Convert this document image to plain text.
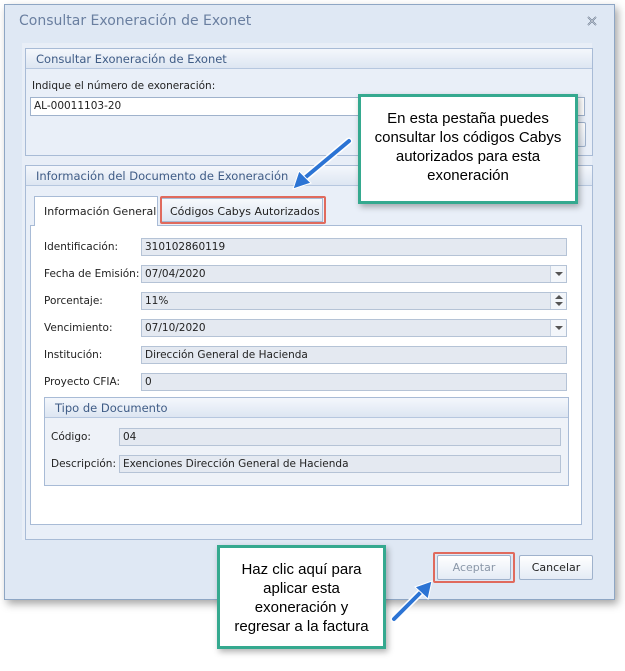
Consultar Exoneración de Exonet
Consultar Exoneración de Exonet
Indique el número de exoneración:
AL-00011103-20
Información del Documento de Exoneración
Información General	Códigos Cabys Autorizados
Identificación:	310102860119
Fecha de Emisión: 07/04/2020
Porcentaje:	11%
Vencimiento:	07/10/2020
Institución:	Dirección General de Hacienda
Proyecto CFIA:	0
Tipo de Documento
Código:	04
Descripción: Exenciones Dirección General de Hacienda
Aceptar	Cancelar
En esta pestaña puedes consultar los códigos Cabys autorizados para esta exoneración
Haz clic aquí para aplicar esta exoneración y regresar a la factura
